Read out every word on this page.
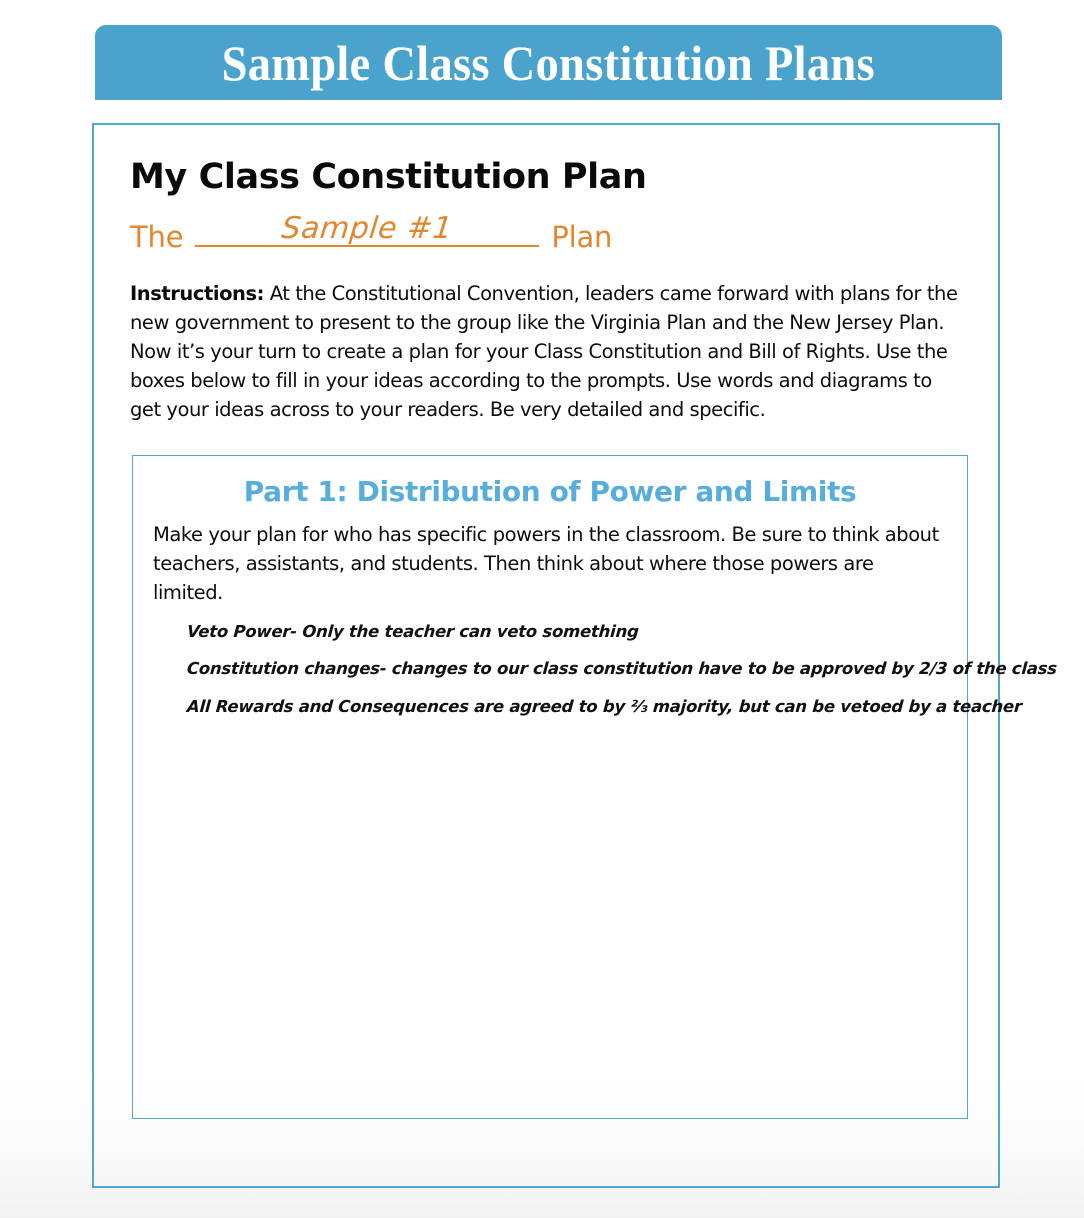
Sample Class Constitution Plans
My Class Constitution Plan
The	Sample #1	Plan

Instructions: At the Constitutional Convention, leaders came forward with plans for the new government to present to the group like the Virginia Plan and the New Jersey Plan. Now it’s your turn to create a plan for your Class Constitution and Bill of Rights. Use the boxes below to fill in your ideas according to the prompts. Use words and diagrams to get your ideas across to your readers. Be very detailed and specific.

Part 1: Distribution of Power and Limits
Make your plan for who has specific powers in the classroom. Be sure to think about teachers, assistants, and students. Then think about where those powers are limited.
Veto Power- Only the teacher can veto something
Constitution changes- changes to our class constitution have to be approved by 2/3 of the class
All Rewards and Consequences are agreed to by ⅔ majority, but can be vetoed by a teacher
